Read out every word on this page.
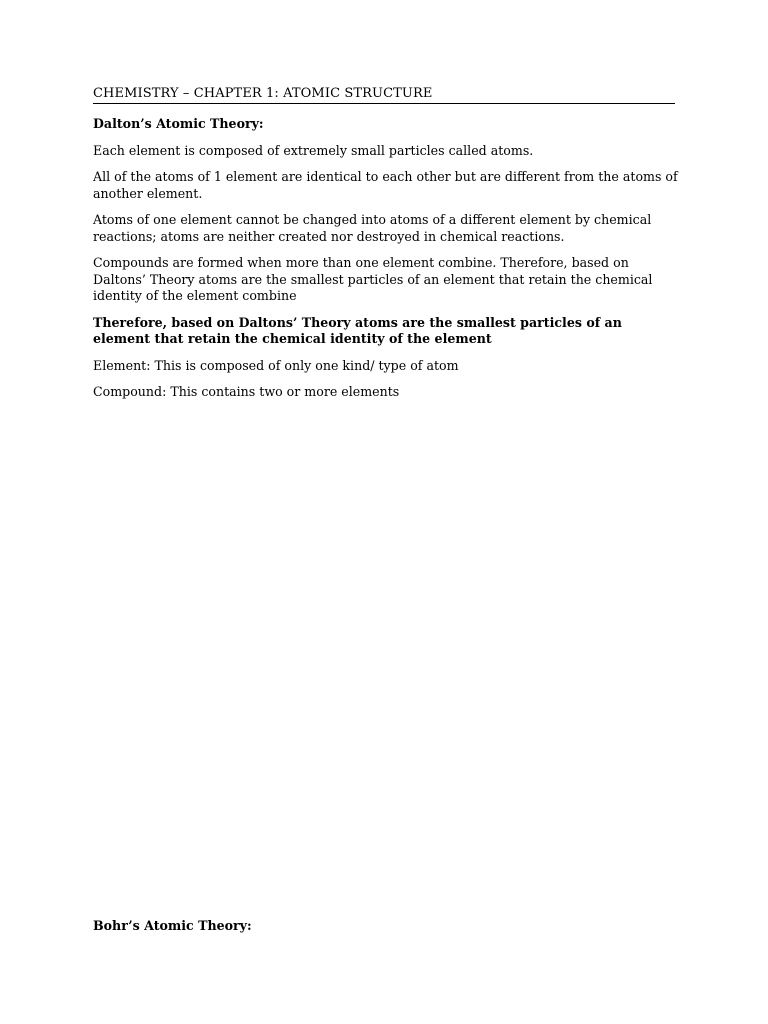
CHEMISTRY – CHAPTER 1: ATOMIC STRUCTURE

Dalton’s Atomic Theory:

Each element is composed of extremely small particles called atoms.

All of the atoms of 1 element are identical to each other but are different from the atoms of another element.

Atoms of one element cannot be changed into atoms of a different element by chemical reactions; atoms are neither created nor destroyed in chemical reactions.

Compounds are formed when more than one element combine. Therefore, based on Daltons’ Theory atoms are the smallest particles of an element that retain the chemical identity of the element combine

Therefore, based on Daltons’ Theory atoms are the smallest particles of an element that retain the chemical identity of the element

Element: This is composed of only one kind/ type of atom

Compound: This contains two or more elements

Bohr’s Atomic Theory:
